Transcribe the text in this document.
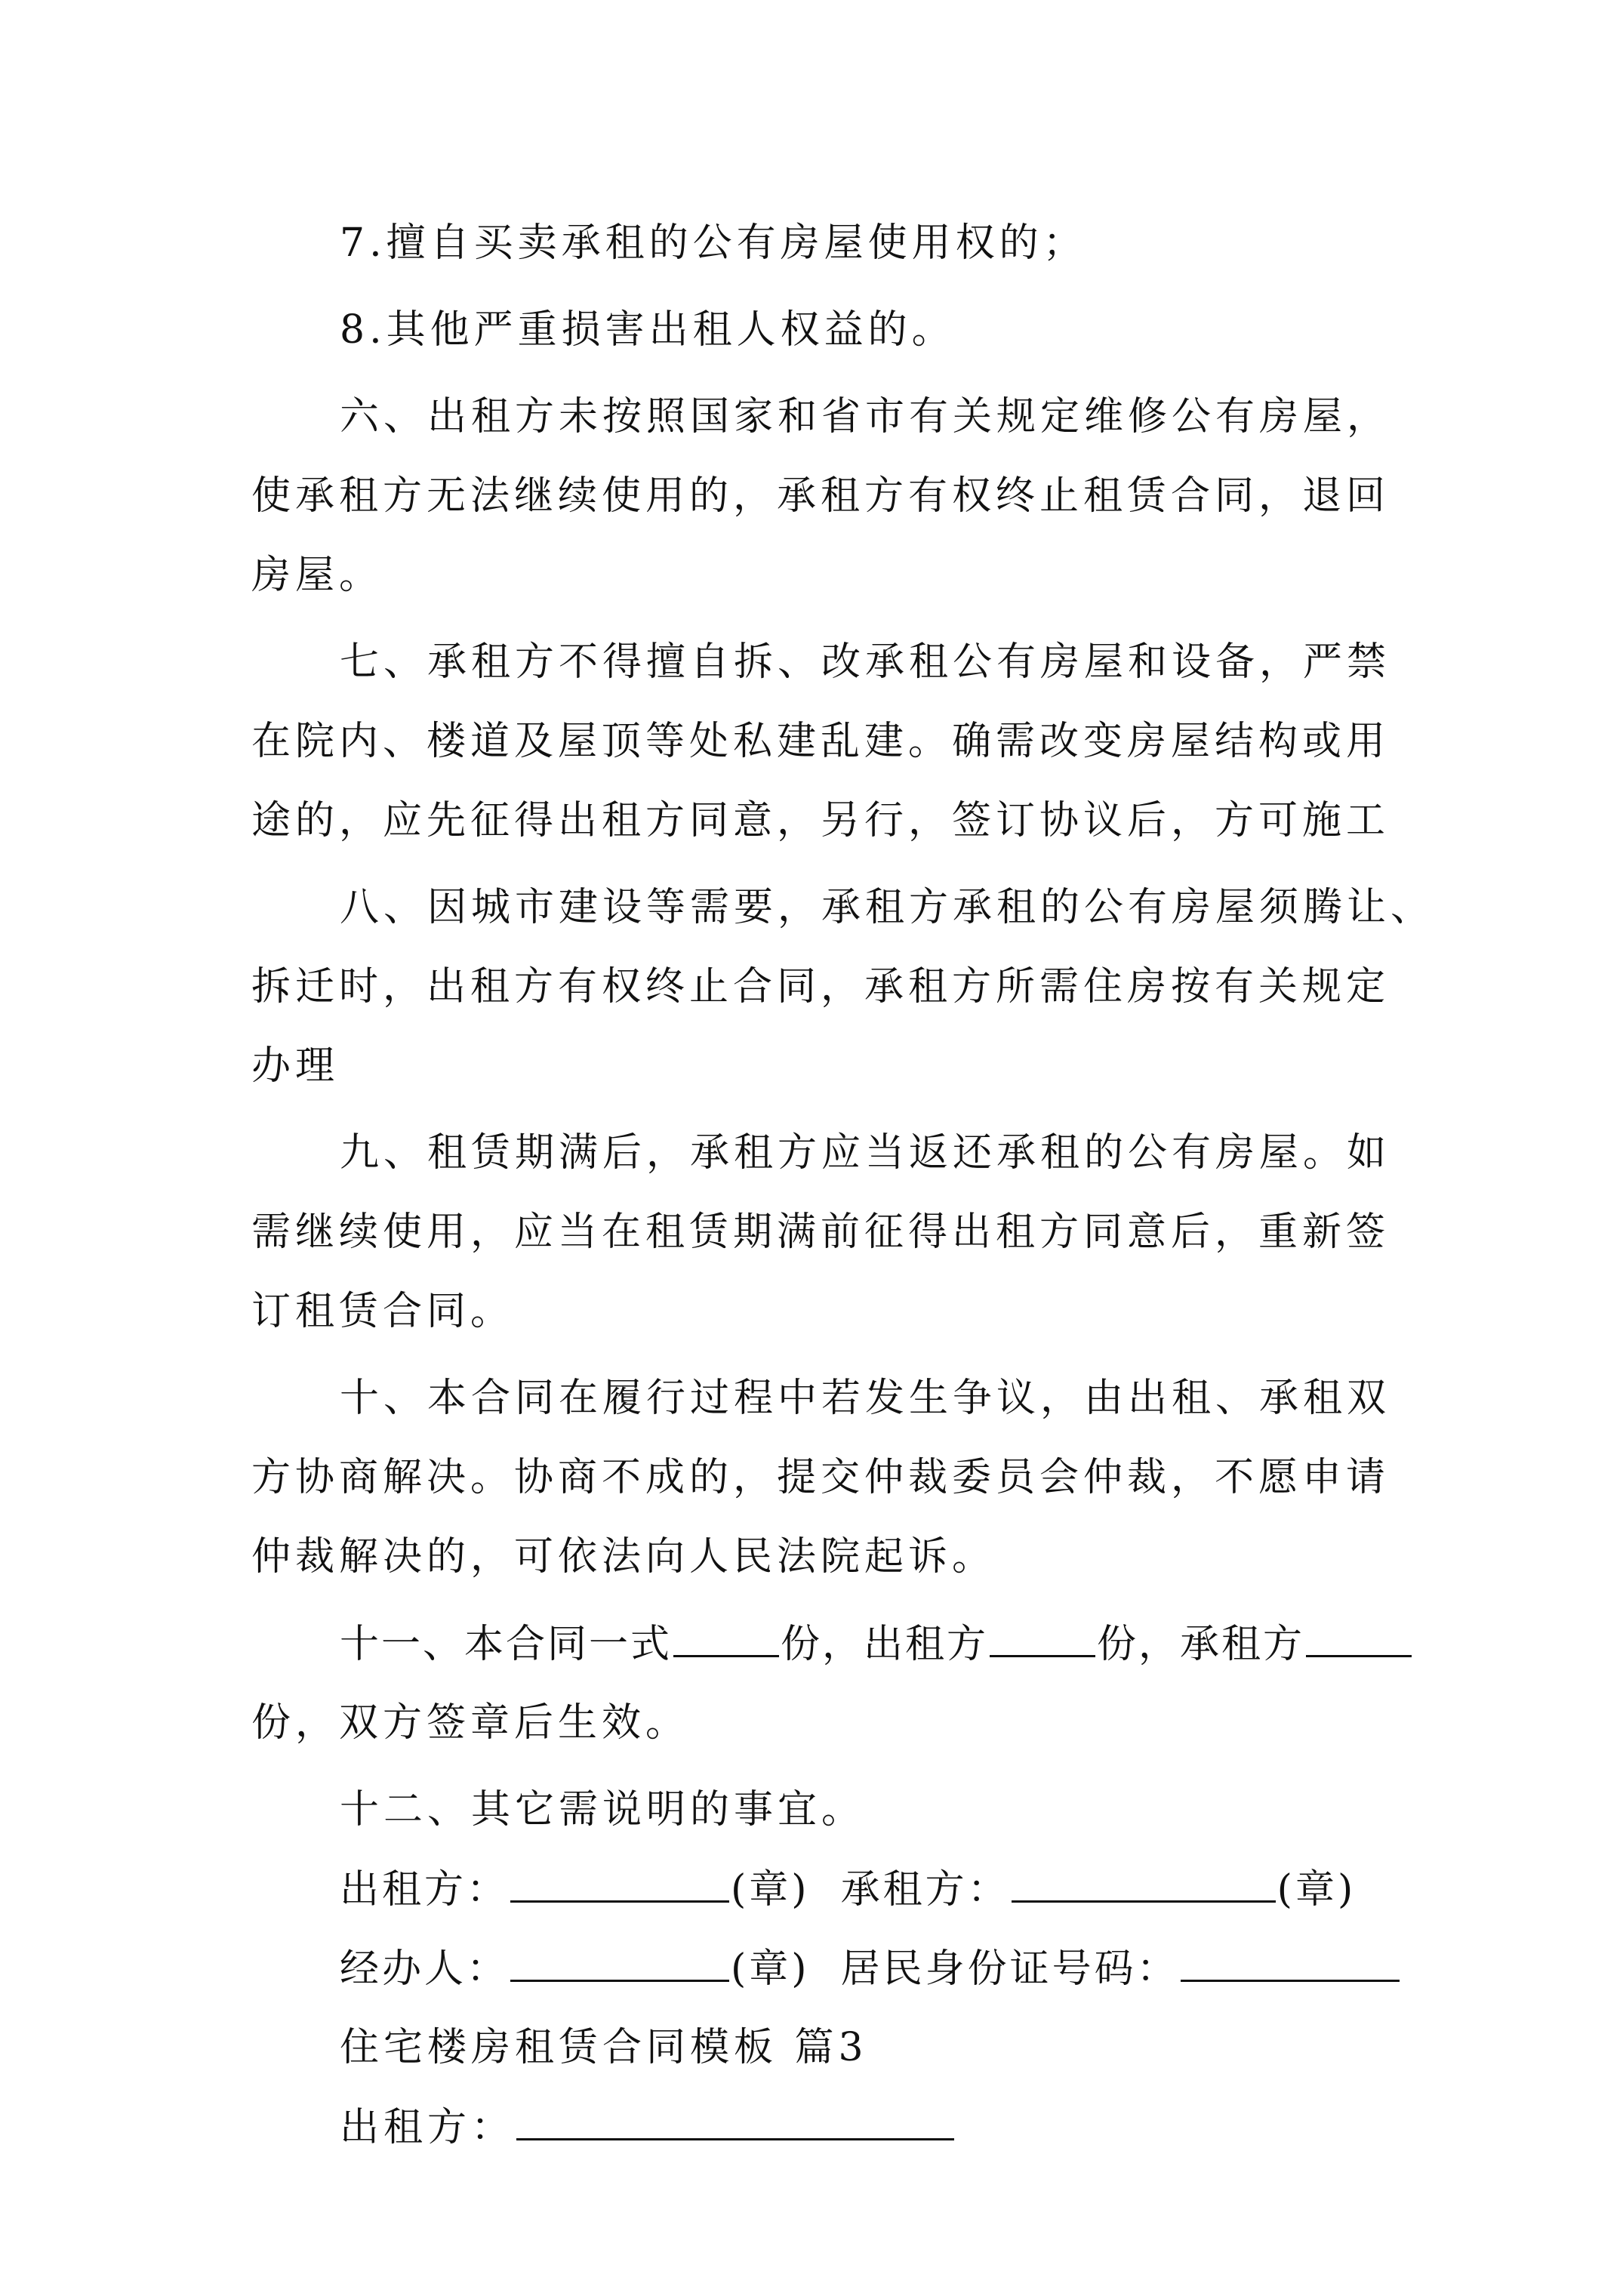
7.擅自买卖承租的公有房屋使用权的；
8.其他严重损害出租人权益的。
六、出租方未按照国家和省市有关规定维修公有房屋，
使承租方无法继续使用的，承租方有权终止租赁合同，退回
房屋。
七、承租方不得擅自拆、改承租公有房屋和设备，严禁
在院内、楼道及屋顶等处私建乱建。确需改变房屋结构或用
途的，应先征得出租方同意，另行，签订协议后，方可施工
八、因城市建设等需要，承租方承租的公有房屋须腾让、
拆迁时，出租方有权终止合同，承租方所需住房按有关规定
办理
九、租赁期满后，承租方应当返还承租的公有房屋。如
需继续使用，应当在租赁期满前征得出租方同意后，重新签
订租赁合同。
十、本合同在履行过程中若发生争议，由出租、承租双
方协商解决。协商不成的，提交仲裁委员会仲裁，不愿申请
仲裁解决的，可依法向人民法院起诉。
十一、本合同一式	份，出租方	份，承租方
份，双方签章后生效。
十二、其它需说明的事宜。
出租方：	(章) 承租方：	(章)
经办人：	(章) 居民身份证号码：
住宅楼房租赁合同模板 篇3
出租方：
